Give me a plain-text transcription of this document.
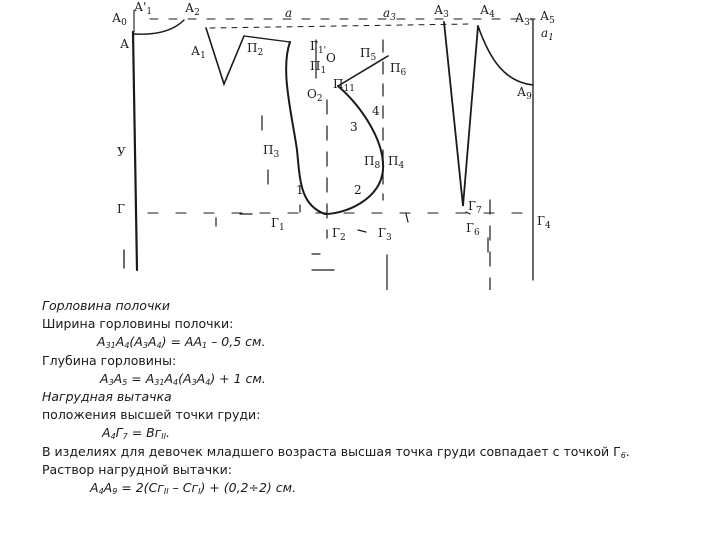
$А_0$
$А'_1$	$А_2$	а	$а_3$
$А_3$	$А_4$ $А_{3'}$ $А_5$
$а_1$
А	$А_1$
$А_9$
$П_2$	$Г_{1'}$
$П_1$
О
$П_{11}$
$О_2$
$П_5$
$П_6$
4
3
$П_3$	$П_8$ $П_4$
У
Г
1	2
$Г_7$
$Г_6$
$Г_1$	$Г_2$	$Г_3$
$Г_4$

Горловина полочки

Ширина горловины полочки:

$А_{31}А_4(А_3А_4) = АА_1 - 0,5$ см.

Глубина горловины:

$А_3А_5 = А_{31}А_4(А_3А_4) + 1$ см.

Нагрудная вытачка

положения высшей точки груди:

$А_4Г_7 = Вг_{II}$.

В изделиях для девочек младшего возраста высшая точка груди совпадает с точкой $Г_6$.

Раствор нагрудной вытачки:

$А_4А_9 = 2(Сг_{II} - Сг_I) + (0,2\div 2)$ см.
